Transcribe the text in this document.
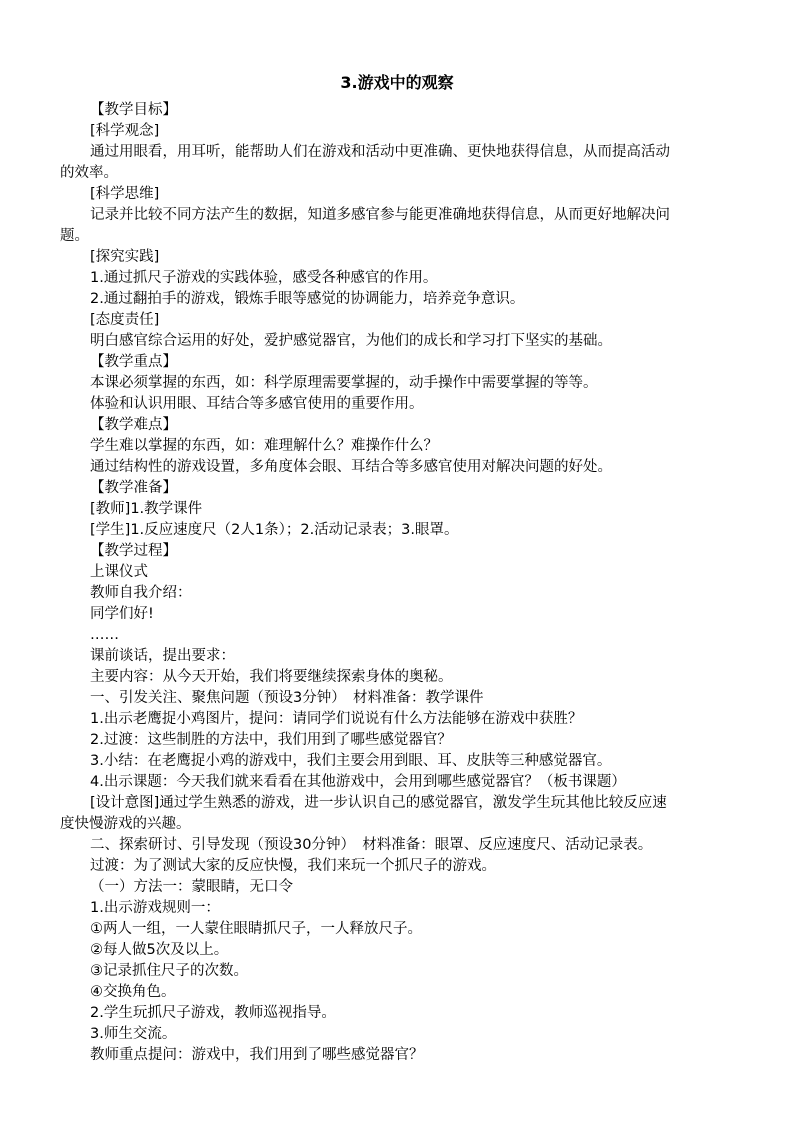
3.游戏中的观察
【教学目标】
[科学观念]
通过用眼看，用耳听，能帮助人们在游戏和活动中更准确、更快地获得信息，从而提高活动
的效率。
[科学思维]
记录并比较不同方法产生的数据，知道多感官参与能更准确地获得信息，从而更好地解决问
题。
[探究实践]
1.通过抓尺子游戏的实践体验，感受各种感官的作用。
2.通过翻拍手的游戏，锻炼手眼等感觉的协调能力，培养竞争意识。
[态度责任]
明白感官综合运用的好处，爱护感觉器官，为他们的成长和学习打下坚实的基础。
【教学重点】
本课必须掌握的东西，如：科学原理需要掌握的，动手操作中需要掌握的等等。
体验和认识用眼、耳结合等多感官使用的重要作用。
【教学难点】
学生难以掌握的东西，如：难理解什么？难操作什么？
通过结构性的游戏设置，多角度体会眼、耳结合等多感官使用对解决问题的好处。
【教学准备】
[教师]1.教学课件
[学生]1.反应速度尺（2人1条）；2.活动记录表；3.眼罩。
【教学过程】
上课仪式
教师自我介绍：
同学们好!
……
课前谈话，提出要求：
主要内容：从今天开始，我们将要继续探索身体的奥秘。
一、引发关注、聚焦问题（预设3分钟）　材料准备：教学课件
1.出示老鹰捉小鸡图片，提问：请同学们说说有什么方法能够在游戏中获胜？
2.过渡：这些制胜的方法中，我们用到了哪些感觉器官？
3.小结：在老鹰捉小鸡的游戏中，我们主要会用到眼、耳、皮肤等三种感觉器官。
4.出示课题：今天我们就来看看在其他游戏中，会用到哪些感觉器官？（板书课题）
[设计意图]通过学生熟悉的游戏，进一步认识自己的感觉器官，激发学生玩其他比较反应速
度快慢游戏的兴趣。
二、探索研讨、引导发现（预设30分钟）　材料准备：眼罩、反应速度尺、活动记录表。
过渡：为了测试大家的反应快慢，我们来玩一个抓尺子的游戏。
（一）方法一：蒙眼睛，无口令
1.出示游戏规则一：
①两人一组，一人蒙住眼睛抓尺子，一人释放尺子。
②每人做5次及以上。
③记录抓住尺子的次数。
④交换角色。
2.学生玩抓尺子游戏，教师巡视指导。
3.师生交流。
教师重点提问：游戏中，我们用到了哪些感觉器官？
